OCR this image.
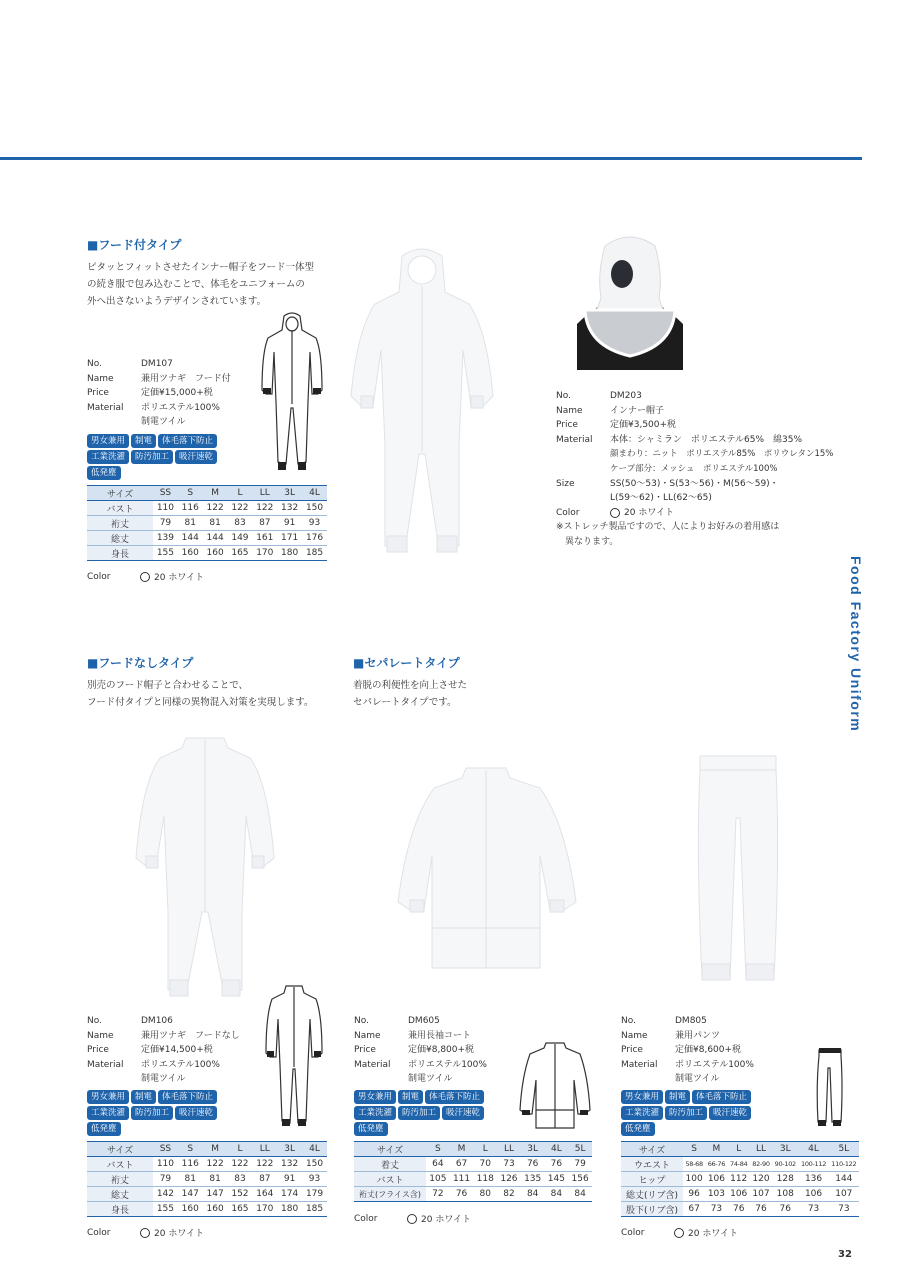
Food Factory Uniform
32
■フード付タイプ
ピタッとフィットさせたインナー帽子をフード一体型
の続き服で包み込むことで、体毛をユニフォームの
外へ出さないようデザインされています。
No.	DM107
Name	兼用ツナギ　フード付
Price	定価¥15,000+税
Material	ポリエステル100%
制電ツイル
男女兼用	制電	体毛落下防止
工業洗濯	防汚加工	吸汗速乾
低発塵
サイズ	SS	S	M	L	LL	3L	4L
バスト	110	116	122	122	122	132	150
裄丈	79	81	81	83	87	91	93
総丈	139	144	144	149	161	171	176
身長	155	160	160	165	170	180	185
Color	20 ホワイト
No.	DM203
Name	インナー帽子
Price	定価¥3,500+税
Material	本体：シャミラン　ポリエステル65%　綿35%
顔まわり：ニット　ポリエステル85%　ポリウレタン15%
ケープ部分：メッシュ　ポリエステル100%
Size	SS(50〜53)・S(53〜56)・M(56〜59)・
L(59〜62)・LL(62〜65)
Color	20 ホワイト
※ストレッチ製品ですので、人によりお好みの着用感は
　異なります。
■フードなしタイプ
別売のフード帽子と合わせることで、
フード付タイプと同様の異物混入対策を実現します。
No.	DM106
Name	兼用ツナギ　フードなし
Price	定価¥14,500+税
Material	ポリエステル100%
制電ツイル
男女兼用	制電	体毛落下防止
工業洗濯	防汚加工	吸汗速乾
低発塵
サイズ	SS	S	M	L	LL	3L	4L
バスト	110	116	122	122	122	132	150
裄丈	79	81	81	83	87	91	93
総丈	142	147	147	152	164	174	179
身長	155	160	160	165	170	180	185
Color	20 ホワイト
■セパレートタイプ
着脱の利便性を向上させた
セパレートタイプです。
No.	DM605
Name	兼用長袖コート
Price	定価¥8,800+税
Material	ポリエステル100%
制電ツイル
男女兼用	制電	体毛落下防止
工業洗濯	防汚加工	吸汗速乾
低発塵
サイズ	S	M	L	LL	3L	4L	5L
着丈	64	67	70	73	76	76	79
バスト	105	111	118	126	135	145	156
裄丈(フライス含)	72	76	80	82	84	84	84
Color	20 ホワイト
No.	DM805
Name	兼用パンツ
Price	定価¥8,600+税
Material	ポリエステル100%
制電ツイル
男女兼用	制電	体毛落下防止
工業洗濯	防汚加工	吸汗速乾
低発塵
サイズ	S	M	L	LL	3L	4L	5L
ウエスト	58-68	66-76	74-84	82-90	90-102	100-112	110-122
ヒップ	100	106	112	120	128	136	144
総丈(リブ含)	96	103	106	107	108	106	107
股下(リブ含)	67	73	76	76	76	73	73
Color	20 ホワイト
